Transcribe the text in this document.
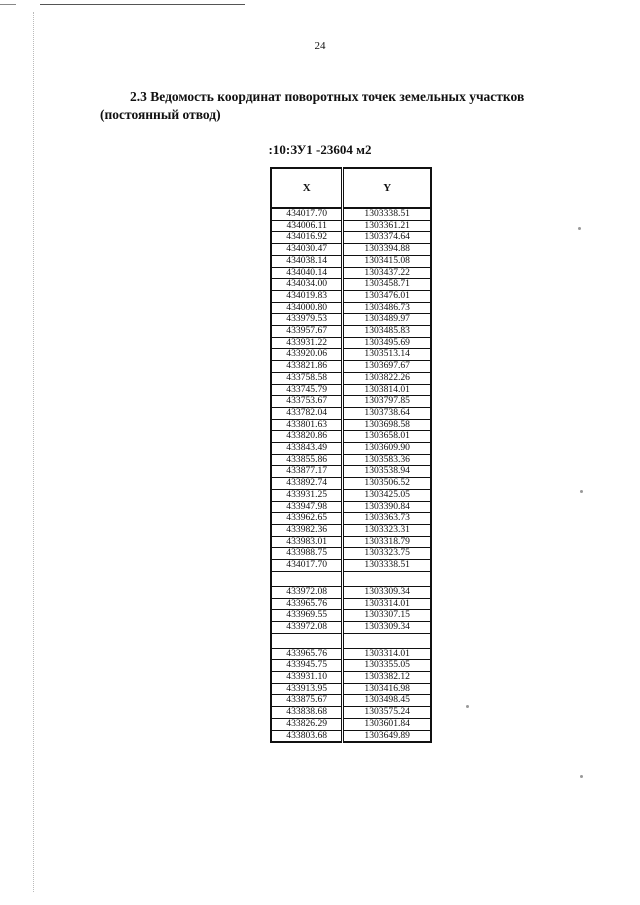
24
2.3 Ведомость координат поворотных точек земельных участков
(постоянный отвод)
:10:ЗУ1 -23604 м2
X	Y
434017.70	1303338.51
434006.11	1303361.21
434016.92	1303374.64
434030.47	1303394.88
434038.14	1303415.08
434040.14	1303437.22
434034.00	1303458.71
434019.83	1303476.01
434000.80	1303486.73
433979.53	1303489.97
433957.67	1303485.83
433931.22	1303495.69
433920.06	1303513.14
433821.86	1303697.67
433758.58	1303822.26
433745.79	1303814.01
433753.67	1303797.85
433782.04	1303738.64
433801.63	1303698.58
433820.86	1303658.01
433843.49	1303609.90
433855.86	1303583.36
433877.17	1303538.94
433892.74	1303506.52
433931.25	1303425.05
433947.98	1303390.84
433962.65	1303363.73
433982.36	1303323.31
433983.01	1303318.79
433988.75	1303323.75
434017.70	1303338.51

433972.08	1303309.34
433965.76	1303314.01
433969.55	1303307.15
433972.08	1303309.34

433965.76	1303314.01
433945.75	1303355.05
433931.10	1303382.12
433913.95	1303416.98
433875.67	1303498.45
433838.68	1303575.24
433826.29	1303601.84
433803.68	1303649.89
